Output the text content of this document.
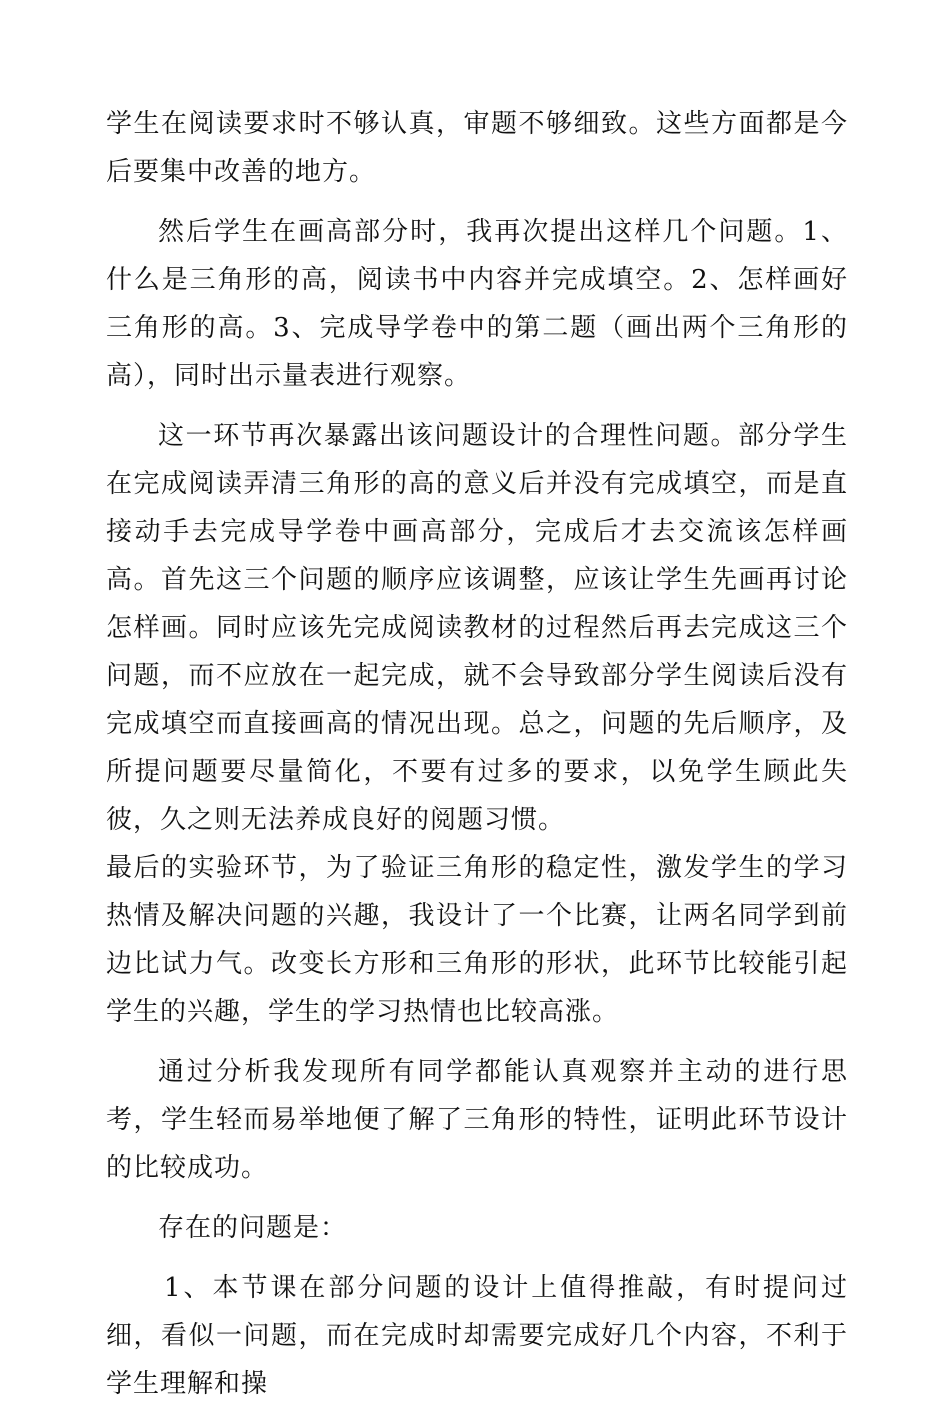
学生在阅读要求时不够认真，审题不够细致。这些方面都是今后要集中改善的地方。

然后学生在画高部分时，我再次提出这样几个问题。1、什么是三角形的高，阅读书中内容并完成填空。2、怎样画好三角形的高。3、完成导学卷中的第二题（画出两个三角形的高），同时出示量表进行观察。

这一环节再次暴露出该问题设计的合理性问题。部分学生在完成阅读弄清三角形的高的意义后并没有完成填空，而是直接动手去完成导学卷中画高部分，完成后才去交流该怎样画高。首先这三个问题的顺序应该调整，应该让学生先画再讨论怎样画。同时应该先完成阅读教材的过程然后再去完成这三个问题，而不应放在一起完成，就不会导致部分学生阅读后没有完成填空而直接画高的情况出现。总之，问题的先后顺序，及所提问题要尽量简化，不要有过多的要求，以免学生顾此失彼，久之则无法养成良好的阅题习惯。

最后的实验环节，为了验证三角形的稳定性，激发学生的学习热情及解决问题的兴趣，我设计了一个比赛，让两名同学到前边比试力气。改变长方形和三角形的形状，此环节比较能引起学生的兴趣，学生的学习热情也比较高涨。

通过分析我发现所有同学都能认真观察并主动的进行思考，学生轻而易举地便了解了三角形的特性，证明此环节设计的比较成功。

存在的问题是：

1、本节课在部分问题的设计上值得推敲，有时提问过细，看似一问题，而在完成时却需要完成好几个内容，不利于学生理解和操
